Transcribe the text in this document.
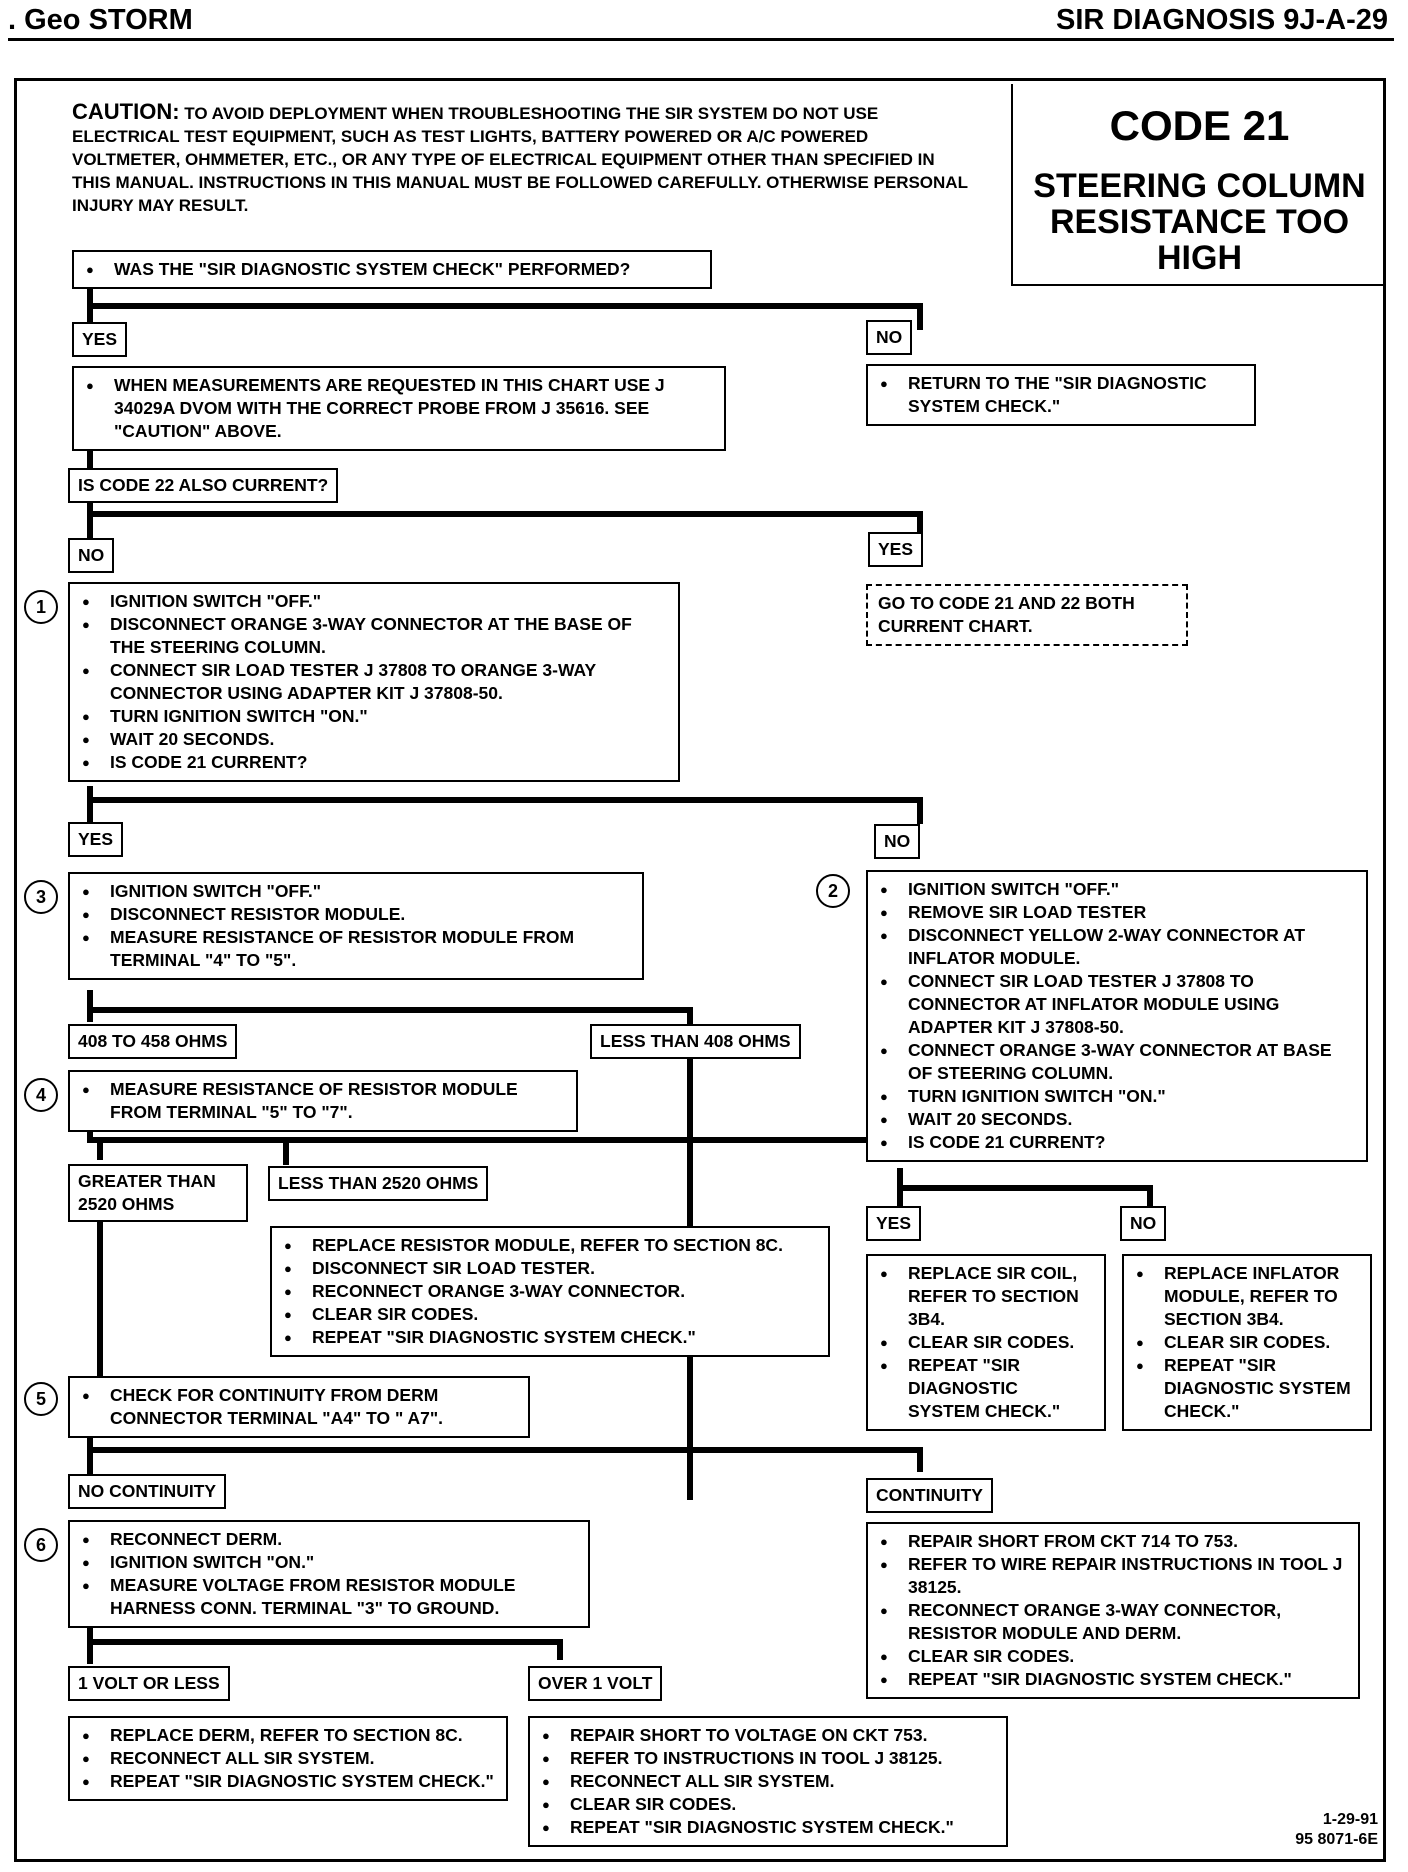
. Geo STORM	SIR DIAGNOSIS 9J-A-29
CAUTION: TO AVOID DEPLOYMENT WHEN TROUBLESHOOTING THE SIR SYSTEM DO NOT USE ELECTRICAL TEST EQUIPMENT, SUCH AS TEST LIGHTS, BATTERY POWERED OR A/C POWERED VOLTMETER, OHMMETER, ETC., OR ANY TYPE OF ELECTRICAL EQUIPMENT OTHER THAN SPECIFIED IN THIS MANUAL. INSTRUCTIONS IN THIS MANUAL MUST BE FOLLOWED CAREFULLY. OTHERWISE PERSONAL INJURY MAY RESULT.
CODE 21
STEERING COLUMN RESISTANCE TOO HIGH
● WAS THE "SIR DIAGNOSTIC SYSTEM CHECK" PERFORMED?
YES	NO
● WHEN MEASUREMENTS ARE REQUESTED IN THIS CHART USE J 34029A DVOM WITH THE CORRECT PROBE FROM J 35616. SEE "CAUTION" ABOVE.
● RETURN TO THE "SIR DIAGNOSTIC SYSTEM CHECK."
IS CODE 22 ALSO CURRENT?
NO	YES
1	● IGNITION SWITCH "OFF."
● DISCONNECT ORANGE 3-WAY CONNECTOR AT THE BASE OF THE STEERING COLUMN.
● CONNECT SIR LOAD TESTER J 37808 TO ORANGE 3-WAY CONNECTOR USING ADAPTER KIT J 37808-50.
● TURN IGNITION SWITCH "ON."
● WAIT 20 SECONDS.
● IS CODE 21 CURRENT?
GO TO CODE 21 AND 22 BOTH CURRENT CHART.
YES	NO
3	● IGNITION SWITCH "OFF."
● DISCONNECT RESISTOR MODULE.
● MEASURE RESISTANCE OF RESISTOR MODULE FROM TERMINAL "4" TO "5".
2	● IGNITION SWITCH "OFF."
● REMOVE SIR LOAD TESTER
● DISCONNECT YELLOW 2-WAY CONNECTOR AT INFLATOR MODULE.
● CONNECT SIR LOAD TESTER J 37808 TO CONNECTOR AT INFLATOR MODULE USING ADAPTER KIT J 37808-50.
● CONNECT ORANGE 3-WAY CONNECTOR AT BASE OF STEERING COLUMN.
● TURN IGNITION SWITCH "ON."
● WAIT 20 SECONDS.
● IS CODE 21 CURRENT?
408 TO 458 OHMS	LESS THAN 408 OHMS
4	● MEASURE RESISTANCE OF RESISTOR MODULE FROM TERMINAL "5" TO "7".
GREATER THAN 2520 OHMS
LESS THAN 2520 OHMS
● REPLACE RESISTOR MODULE, REFER TO SECTION 8C.
● DISCONNECT SIR LOAD TESTER.
● RECONNECT ORANGE 3-WAY CONNECTOR.
● CLEAR SIR CODES.
● REPEAT "SIR DIAGNOSTIC SYSTEM CHECK."
YES	NO
● REPLACE SIR COIL, REFER TO SECTION 3B4.
● CLEAR SIR CODES.
● REPEAT "SIR DIAGNOSTIC SYSTEM CHECK."
● REPLACE INFLATOR MODULE, REFER TO SECTION 3B4.
● CLEAR SIR CODES.
● REPEAT "SIR DIAGNOSTIC SYSTEM CHECK."
5	● CHECK FOR CONTINUITY FROM DERM CONNECTOR TERMINAL "A4" TO " A7".
NO CONTINUITY	CONTINUITY
6	● RECONNECT DERM.
● IGNITION SWITCH "ON."
● MEASURE VOLTAGE FROM RESISTOR MODULE HARNESS CONN. TERMINAL "3" TO GROUND.
● REPAIR SHORT FROM CKT 714 TO 753.
● REFER TO WIRE REPAIR INSTRUCTIONS IN TOOL J 38125.
● RECONNECT ORANGE 3-WAY CONNECTOR, RESISTOR MODULE AND DERM.
● CLEAR SIR CODES.
● REPEAT "SIR DIAGNOSTIC SYSTEM CHECK."
1 VOLT OR LESS	OVER 1 VOLT
● REPLACE DERM, REFER TO SECTION 8C.
● RECONNECT ALL SIR SYSTEM.
● REPEAT "SIR DIAGNOSTIC SYSTEM CHECK."
● REPAIR SHORT TO VOLTAGE ON CKT 753.
● REFER TO INSTRUCTIONS IN TOOL J 38125.
● RECONNECT ALL SIR SYSTEM.
● CLEAR SIR CODES.
● REPEAT "SIR DIAGNOSTIC SYSTEM CHECK."	1-29-91
95 8071-6E
